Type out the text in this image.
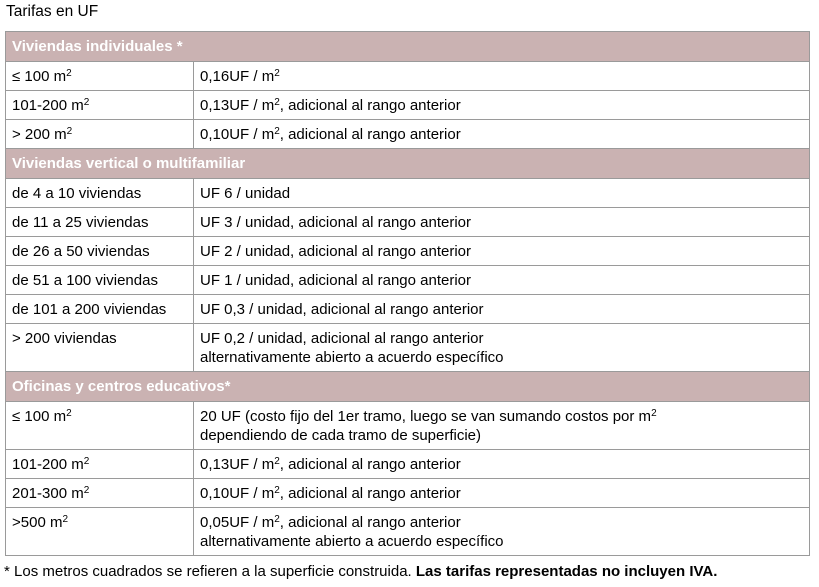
Tarifas en UF
Viviendas individuales *	
≤ 100 $m^2$	$0,16UF / m^2$

101-200 $m^2$	$0,13UF / m^2$, adicional al rango anterior

> 200 $m^2$	$0,10UF / m^2$, adicional al rango anterior

Viviendas vertical o multifamiliar	
de 4 a 10 viviendas	UF 6 / unidad

de 11 a 25 viviendas	UF 3 / unidad, adicional al rango anterior

de 26 a 50 viviendas	UF 2 / unidad, adicional al rango anterior

de 51 a 100 viviendas	UF 1 / unidad, adicional al rango anterior

de 101 a 200 viviendas	UF 0,3 / unidad, adicional al rango anterior

> 200 viviendas	UF 0,2 / unidad, adicional al rango anterior
alternativamente abierto a acuerdo específico

Oficinas y centros educativos*	
≤ 100 $m^2$	20 UF (costo fijo del 1er tramo, luego se van sumando costos por $m^2$
dependiendo de cada tramo de superficie)

101-200 $m^2$	$0,13UF / m^2$, adicional al rango anterior

201-300 $m^2$	$0,10UF / m^2$, adicional al rango anterior

>500 $m^2$	$0,05UF / m^2$, adicional al rango anterior
alternativamente abierto a acuerdo específico
* Los metros cuadrados se refieren a la superficie construida. Las tarifas representadas no incluyen IVA.
